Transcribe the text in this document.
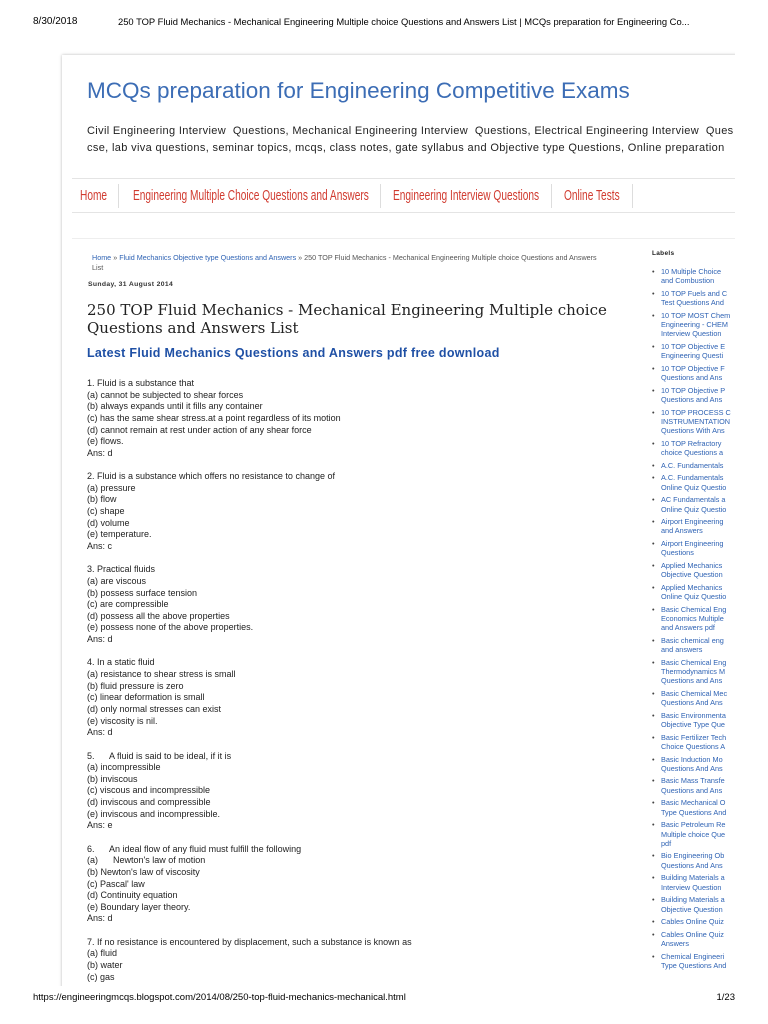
8/30/2018	250 TOP Fluid Mechanics - Mechanical Engineering Multiple choice Questions and Answers List | MCQs preparation for Engineering Co...
MCQs preparation for Engineering Competitive Exams
Civil Engineering Interview  Questions, Mechanical Engineering Interview  Questions, Electrical Engineering Interview  Ques
cse, lab viva questions, seminar topics, mcqs, class notes, gate syllabus and Objective type Questions, Online preparation
Home Engineering Multiple Choice Questions and Answers Engineering Interview Questions Online Tests
Home » Fluid Mechanics Objective type Questions and Answers » 250 TOP Fluid Mechanics - Mechanical Engineering Multiple choice Questions and Answers List
Sunday, 31 August 2014
250 TOP Fluid Mechanics - Mechanical Engineering Multiple choice Questions and Answers List
Latest Fluid Mechanics Questions and Answers pdf free download
1. Fluid is a substance that
(a) cannot be subjected to shear forces
(b) always expands until it fills any container
(c) has the same shear stress.at a point regardless of its motion
(d) cannot remain at rest under action of any shear force
(e) flows.
Ans: d
2. Fluid is a substance which offers no resistance to change of
(a) pressure
(b) flow
(c) shape
(d) volume
(e) temperature.
Ans: c
3. Practical fluids
(a) are viscous
(b) possess surface tension
(c) are compressible
(d) possess all the above properties
(e) possess none of the above properties.
Ans: d
4. In a static fluid
(a) resistance to shear stress is small
(b) fluid pressure is zero
(c) linear deformation is small
(d) only normal stresses can exist
(e) viscosity is nil.
Ans: d
5.      A fluid is said to be ideal, if it is
(a) incompressible
(b) inviscous
(c) viscous and incompressible
(d) inviscous and compressible
(e) inviscous and incompressible.
Ans: e
6.      An ideal flow of any fluid must fulfill the following
(a)      Newton's law of motion
(b) Newton's law of viscosity
(c) Pascal' law
(d) Continuity equation
(e) Boundary layer theory.
Ans: d
7. If no resistance is encountered by displacement, such a substance is known as
(a) fluid
(b) water
(c) gas
Labels
• 10 Multiple Choice
and Combustion
• 10 TOP Fuels and C
Test Questions And
• 10 TOP MOST Chem
Engineering - CHEM
Interview Question
• 10 TOP Objective E
Engineering Questi
• 10 TOP Objective F
Questions and Ans
• 10 TOP Objective P
Questions and Ans
• 10 TOP PROCESS C
INSTRUMENTATION
Questions With Ans
• 10 TOP Refractory
choice Questions a
• A.C. Fundamentals
• A.C. Fundamentals
Online Quiz Questio
• AC Fundamentals a
Online Quiz Questio
• Airport Engineering
and Answers
• Airport Engineering
Questions
• Applied Mechanics
Objective Question
• Applied Mechanics
Online Quiz Questio
• Basic Chemical Eng
Economics Multiple
and Answers pdf
• Basic chemical eng
and answers
• Basic Chemical Eng
Thermodynamics M
Questions and Ans
• Basic Chemical Mec
Questions And Ans
• Basic Environmenta
Objective Type Que
• Basic Fertilizer Tech
Choice Questions A
• Basic Induction Mo
Questions And Ans
• Basic Mass Transfe
Questions and Ans
• Basic Mechanical O
Type Questions And
• Basic Petroleum Re
Multiple choice Que
pdf
• Bio Engineering Ob
Questions And Ans
• Building Materials a
Interview Question
• Building Materials a
Objective Question
• Cables Online Quiz
• Cables Online Quiz
Answers
• Chemical Engineeri
Type Questions And
https://engineeringmcqs.blogspot.com/2014/08/250-top-fluid-mechanics-mechanical.html	1/23
